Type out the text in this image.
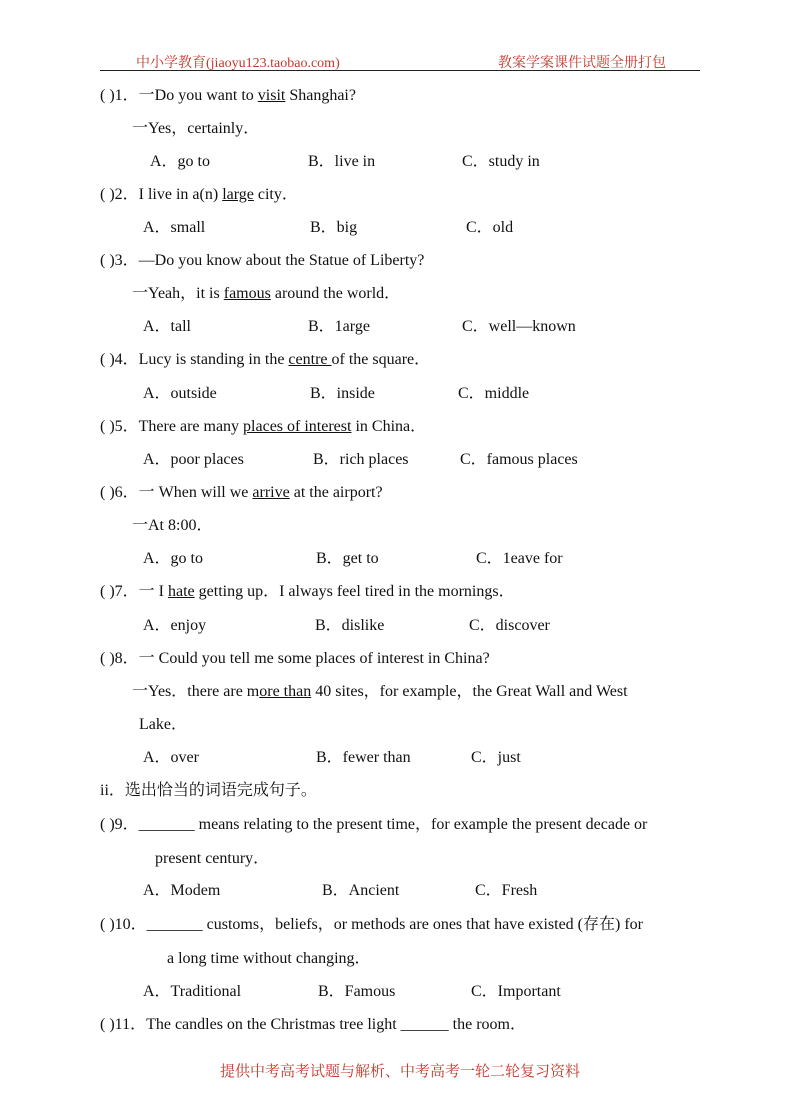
中小学教育(jiaoyu123.taobao.com)	教案学案课件试题全册打包
( )1．一Do you want to visit Shanghai?
一Yes，certainly．
A．go to	B．live in	C．study in
( )2．I live in a(n) large city．
A．small	B．big	C．old
( )3．—Do you know about the Statue of Liberty?
一Yeah，it is famous around the world．
A．tall	B．1arge	C．well—known
( )4．Lucy is standing in the centre of the square．
A．outside	B．inside	C．middle
( )5．There are many places of interest in China．
A．poor places	B．rich places	C．famous places
( )6．一 When will we arrive at the airport?
一At 8:00．
A．go to	B．get to	C．1eave for
( )7．一 I hate getting up．I always feel tired in the mornings．
A．enjoy	B．dislike	C．discover
( )8．一 Could you tell me some places of interest in China?
一Yes．there are more than 40 sites，for example，the Great Wall and West
Lake．
A．over	B．fewer than	C．just
ii．选出恰当的词语完成句子。
( )9．_______ means relating to the present time，for example the present decade or
present century．
A．Modem	B．Ancient	C．Fresh
( )10．_______ customs，beliefs，or methods are ones that have existed (存在) for
a long time without changing．
A．Traditional	B．Famous	C．Important
( )11．The candles on the Christmas tree light ______ the room．
提供中考高考试题与解析、中考高考一轮二轮复习资料
